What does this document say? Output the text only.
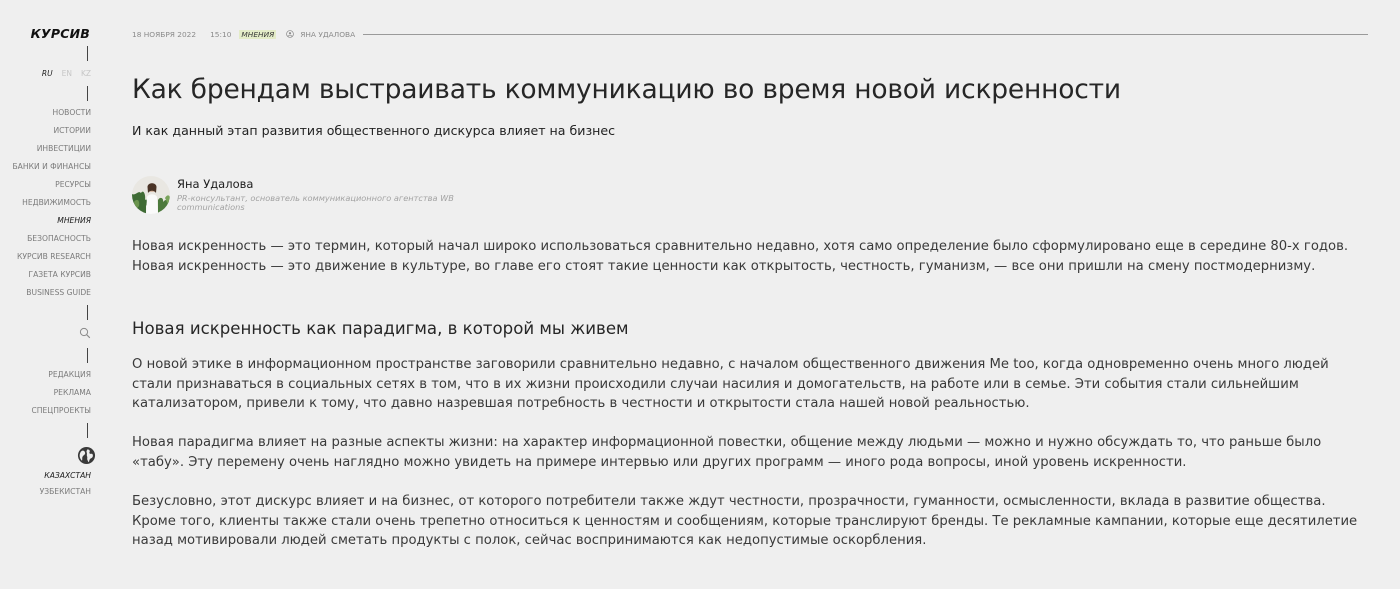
КУРСИВ
RU EN KZ
НОВОСТИ
ИСТОРИИ
ИНВЕСТИЦИИ
БАНКИ И ФИНАНСЫ
РЕСУРСЫ
НЕДВИЖИМОСТЬ
МНЕНИЯ
БЕЗОПАСНОСТЬ
КУРСИВ RESEARCH
ГАЗЕТА КУРСИВ
BUSINESS GUIDE
РЕДАКЦИЯ
РЕКЛАМА
СПЕЦПРОЕКТЫ
КАЗАХСТАН
УЗБЕКИСТАН
18 НОЯБРЯ 2022 15:10 МНЕНИЯ	ЯНА УДАЛОВА
Как брендам выстраивать коммуникацию во время новой искренности
И как данный этап развития общественного дискурса влияет на бизнес
Яна Удалова
PR-консультант, основатель коммуникационного агентства WB communications
Новая искренность — это термин, который начал широко использоваться сравнительно недавно, хотя само определение было сформулировано еще в середине 80-х годов.
Новая искренность — это движение в культуре, во главе его стоят такие ценности как открытость, честность, гуманизм, — все они пришли на смену постмодернизму.
Новая искренность как парадигма, в которой мы живем

О новой этике в информационном пространстве заговорили сравнительно недавно, с началом общественного движения Me too, когда одновременно очень много людей стали признаваться в социальных сетях в том, что в их жизни происходили случаи насилия и домогательств, на работе или в семье. Эти события стали сильнейшим катализатором, привели к тому, что давно назревшая потребность в честности и открытости стала нашей новой реальностью.

Новая парадигма влияет на разные аспекты жизни: на характер информационной повестки, общение между людьми — можно и нужно обсуждать то, что раньше было «табу». Эту перемену очень наглядно можно увидеть на примере интервью или других программ — иного рода вопросы, иной уровень искренности.

Безусловно, этот дискурс влияет и на бизнес, от которого потребители также ждут честности, прозрачности, гуманности, осмысленности, вклада в развитие общества. Кроме того, клиенты также стали очень трепетно относиться к ценностям и сообщениям, которые транслируют бренды. Те рекламные кампании, которые еще десятилетие назад мотивировали людей сметать продукты с полок, сейчас воспринимаются как недопустимые оскорбления.
